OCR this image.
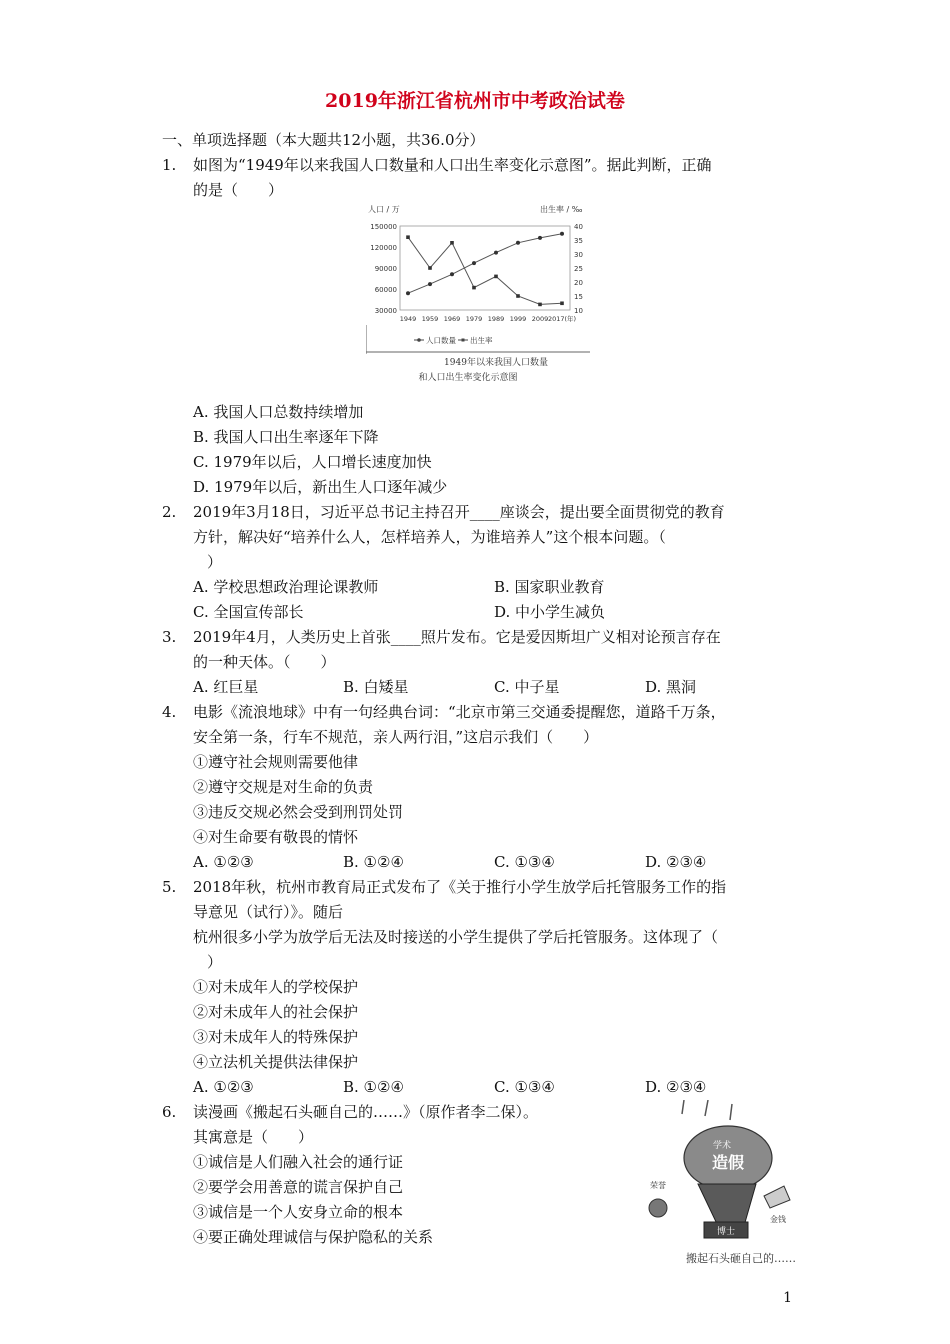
2019年浙江省杭州市中考政治试卷
一、单项选择题（本大题共12小题，共36.0分）
1.	如图为“1949年以来我国人口数量和人口出生率变化示意图”。据此判断，正确
的是（　　）
人口 / 万	出生率 / ‰
150000
120000
90000
60000
30000
40
35
30
25
20
15
10
1949 1959 1969 1979 1989 1999 2009 2017(年)
人口数量 出生率
1949年以来我国人口数量
和人口出生率变化示意图
A. 我国人口总数持续增加
B. 我国人口出生率逐年下降
C. 1979年以后，人口增长速度加快
D. 1979年以后，新出生人口逐年减少
2.	2019年3月18日，习近平总书记主持召开____座谈会，提出要全面贯彻党的教育
方针，解决好“培养什么人，怎样培养人，为谁培养人”这个根本问题。（
）
A. 学校思想政治理论课教师	B. 国家职业教育
C. 全国宣传部长	D. 中小学生减负
3.	2019年4月，人类历史上首张____照片发布。它是爱因斯坦广义相对论预言存在
的一种天体。（　　）
A. 红巨星	B. 白矮星	C. 中子星	D. 黑洞
4.	电影《流浪地球》中有一句经典台词：“北京市第三交通委提醒您，道路千万条，
安全第一条，行车不规范，亲人两行泪，”这启示我们（　　）
①遵守社会规则需要他律
②遵守交规是对生命的负责
③违反交规必然会受到刑罚处罚
④对生命要有敬畏的情怀
A. ①②③	B. ①②④	C. ①③④	D. ②③④
5.	2018年秋，杭州市教育局正式发布了《关于推行小学生放学后托管服务工作的指
导意见（试行）》。随后
杭州很多小学为放学后无法及时接送的小学生提供了学后托管服务。这体现了（
）
①对未成年人的学校保护
②对未成年人的社会保护
③对未成年人的特殊保护
④立法机关提供法律保护
A. ①②③	B. ①②④	C. ①③④	D. ②③④
6.	读漫画《搬起石头砸自己的……》（原作者李二保）。
其寓意是（　　）
①诚信是人们融入社会的通行证
②要学会用善意的谎言保护自己
③诚信是一个人安身立命的根本
④要正确处理诚信与保护隐私的关系
学术
造假
博士
荣誉
金钱
搬起石头砸自己的……
1
